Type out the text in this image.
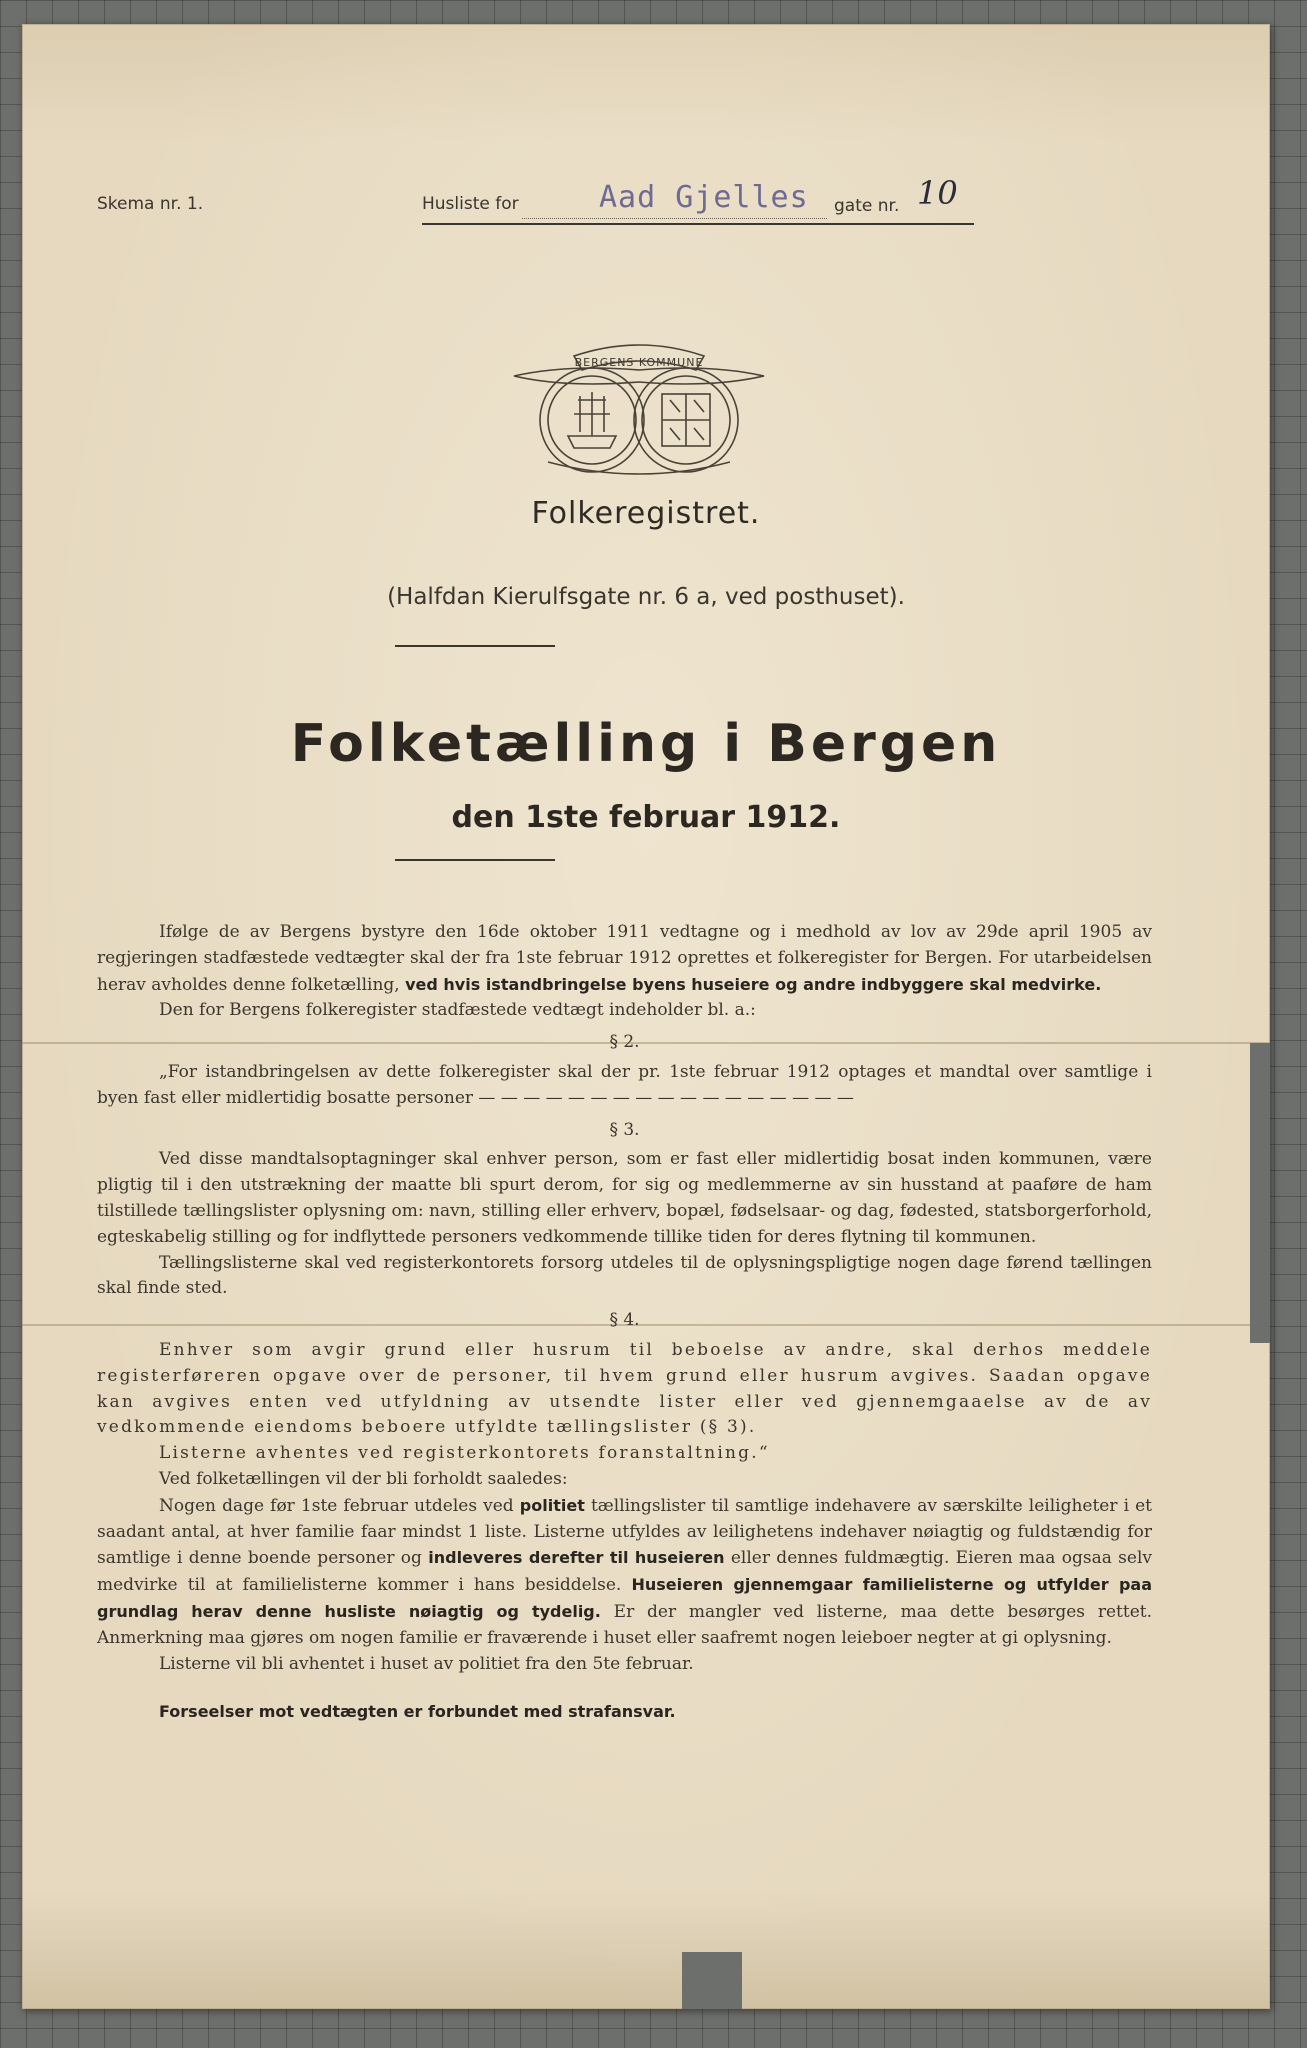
Skema nr. 1.	Husliste for	Aad Gjelles gate nr. 10
BERGENS KOMMUNE
Folkeregistret.
(Halfdan Kierulfsgate nr. 6 a, ved posthuset).
Folketælling i Bergen
den 1ste februar 1912.

Ifølge de av Bergens bystyre den 16de oktober 1911 vedtagne og i medhold av lov av 29de april 1905 av regjeringen stadfæstede vedtægter skal der fra 1ste februar 1912 oprettes et folkeregister for Bergen. For utarbeidelsen herav avholdes denne folketælling, ved hvis istandbringelse byens huseiere og andre indbyggere skal medvirke.

Den for Bergens folkeregister stadfæstede vedtægt indeholder bl. a.:

§ 2.

„For istandbringelsen av dette folkeregister skal der pr. 1ste februar 1912 optages et mandtal over samtlige i byen fast eller midlertidig bosatte personer — — — — — — — — — — — — — — — — —

§ 3.

Ved disse mandtalsoptagninger skal enhver person, som er fast eller midlertidig bosat inden kommunen, være pligtig til i den utstrækning der maatte bli spurt derom, for sig og medlemmerne av sin husstand at paaføre de ham tilstillede tællingslister oplysning om: navn, stilling eller erhverv, bopæl, fødselsaar- og dag, fødested, statsborgerforhold, egteskabelig stilling og for indflyttede personers vedkommende tillike tiden for deres flytning til kommunen.

Tællingslisterne skal ved registerkontorets forsorg utdeles til de oplysningspligtige nogen dage førend tællingen skal finde sted.

§ 4.

Enhver som avgir grund eller husrum til beboelse av andre, skal derhos meddele registerføreren opgave over de personer, til hvem grund eller husrum avgives. Saadan opgave kan avgives enten ved utfyldning av utsendte lister eller ved gjennemgaaelse av de av vedkommende eiendoms beboere utfyldte tællingslister (§ 3).

Listerne avhentes ved registerkontorets foranstaltning.“

Ved folketællingen vil der bli forholdt saaledes:

Nogen dage før 1ste februar utdeles ved politiet tællingslister til samtlige indehavere av særskilte leiligheter i et saadant antal, at hver familie faar mindst 1 liste. Listerne utfyldes av leilighetens indehaver nøiagtig og fuldstændig for samtlige i denne boende personer og indleveres derefter til huseieren eller dennes fuldmægtig. Eieren maa ogsaa selv medvirke til at familielisterne kommer i hans besiddelse. Huseieren gjennemgaar familielisterne og utfylder paa grundlag herav denne husliste nøiagtig og tydelig. Er der mangler ved listerne, maa dette besørges rettet. Anmerkning maa gjøres om nogen familie er fraværende i huset eller saafremt nogen leieboer negter at gi oplysning.

Listerne vil bli avhentet i huset av politiet fra den 5te februar.

Forseelser mot vedtægten er forbundet med strafansvar.
